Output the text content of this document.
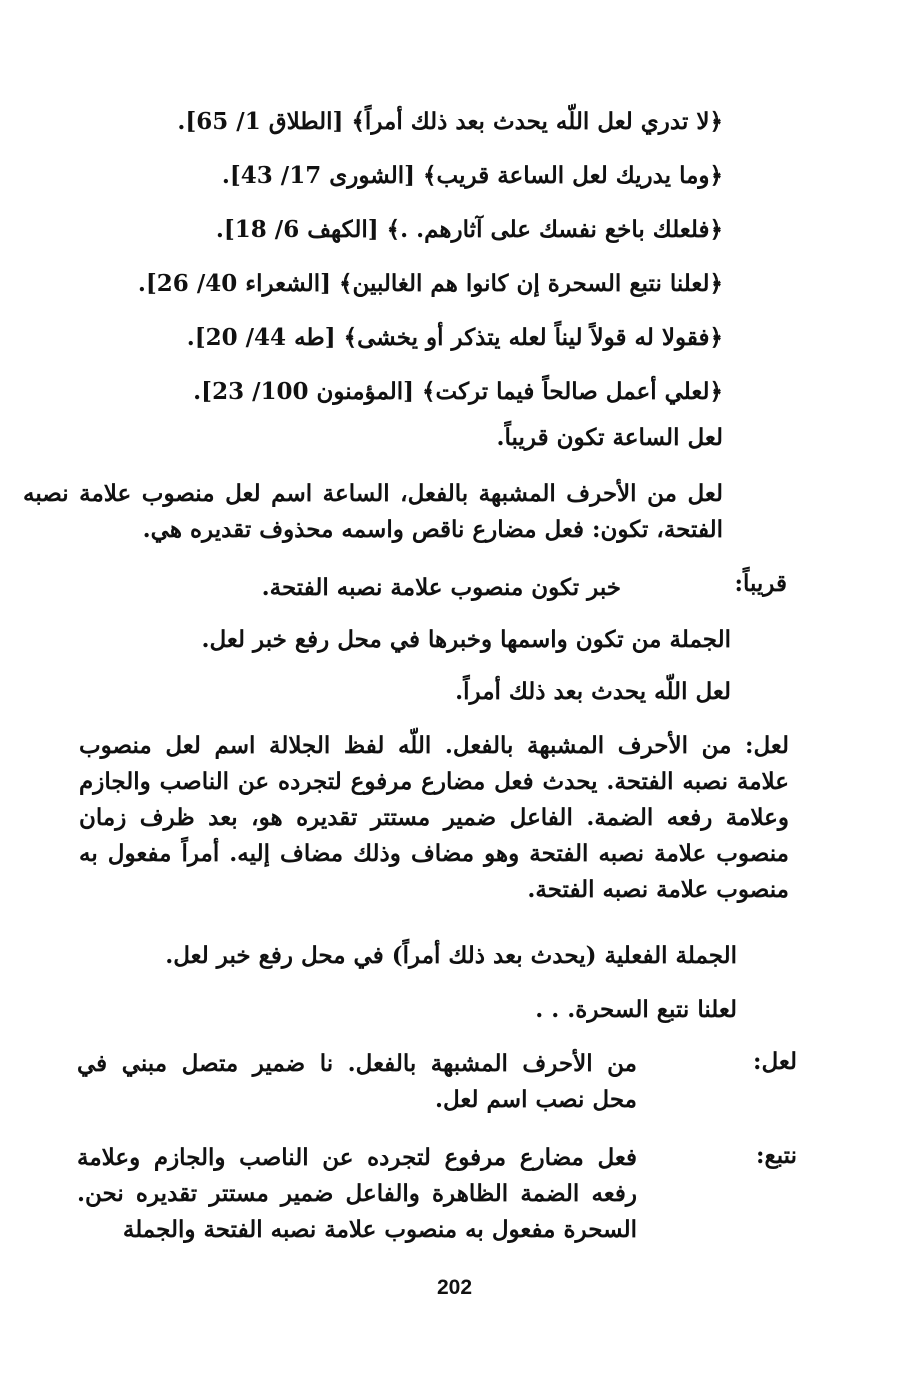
﴿لا تدري لعل اللّه يحدث بعد ذلك أمراً﴾ [الطلاق 1/ 65].
﴿وما يدريك لعل الساعة قريب﴾ [الشورى 17/ 43].
﴿فلعلك باخع نفسك على آثارهم. .﴾ [الكهف 6/ 18].
﴿لعلنا نتبع السحرة إن كانوا هم الغالبين﴾ [الشعراء 40/ 26].
﴿فقولا له قولاً ليناً لعله يتذكر أو يخشى﴾ [طه 44/ 20].
﴿لعلي أعمل صالحاً فيما تركت﴾ [المؤمنون 100/ 23].
لعل الساعة تكون قريباً.
لعل من الأحرف المشبهة بالفعل، الساعة اسم لعل منصوب علامة نصبه الفتحة، تكون: فعل مضارع ناقص واسمه محذوف تقديره هي.
قريباً:
خبر تكون منصوب علامة نصبه الفتحة.
الجملة من تكون واسمها وخبرها في محل رفع خبر لعل.
لعل اللّه يحدث بعد ذلك أمراً.
لعل: من الأحرف المشبهة بالفعل. اللّه لفظ الجلالة اسم لعل منصوب علامة نصبه الفتحة. يحدث فعل مضارع مرفوع لتجرده عن الناصب والجازم وعلامة رفعه الضمة. الفاعل ضمير مستتر تقديره هو، بعد ظرف زمان منصوب علامة نصبه الفتحة وهو مضاف وذلك مضاف إليه. أمراً مفعول به منصوب علامة نصبه الفتحة.
الجملة الفعلية (يحدث بعد ذلك أمراً) في محل رفع خبر لعل.
لعلنا نتبع السحرة. . .
لعل:
من الأحرف المشبهة بالفعل. نا ضمير متصل مبني في محل نصب اسم لعل.
نتبع:
فعل مضارع مرفوع لتجرده عن الناصب والجازم وعلامة رفعه الضمة الظاهرة والفاعل ضمير مستتر تقديره نحن. السحرة مفعول به منصوب علامة نصبه الفتحة والجملة
202
